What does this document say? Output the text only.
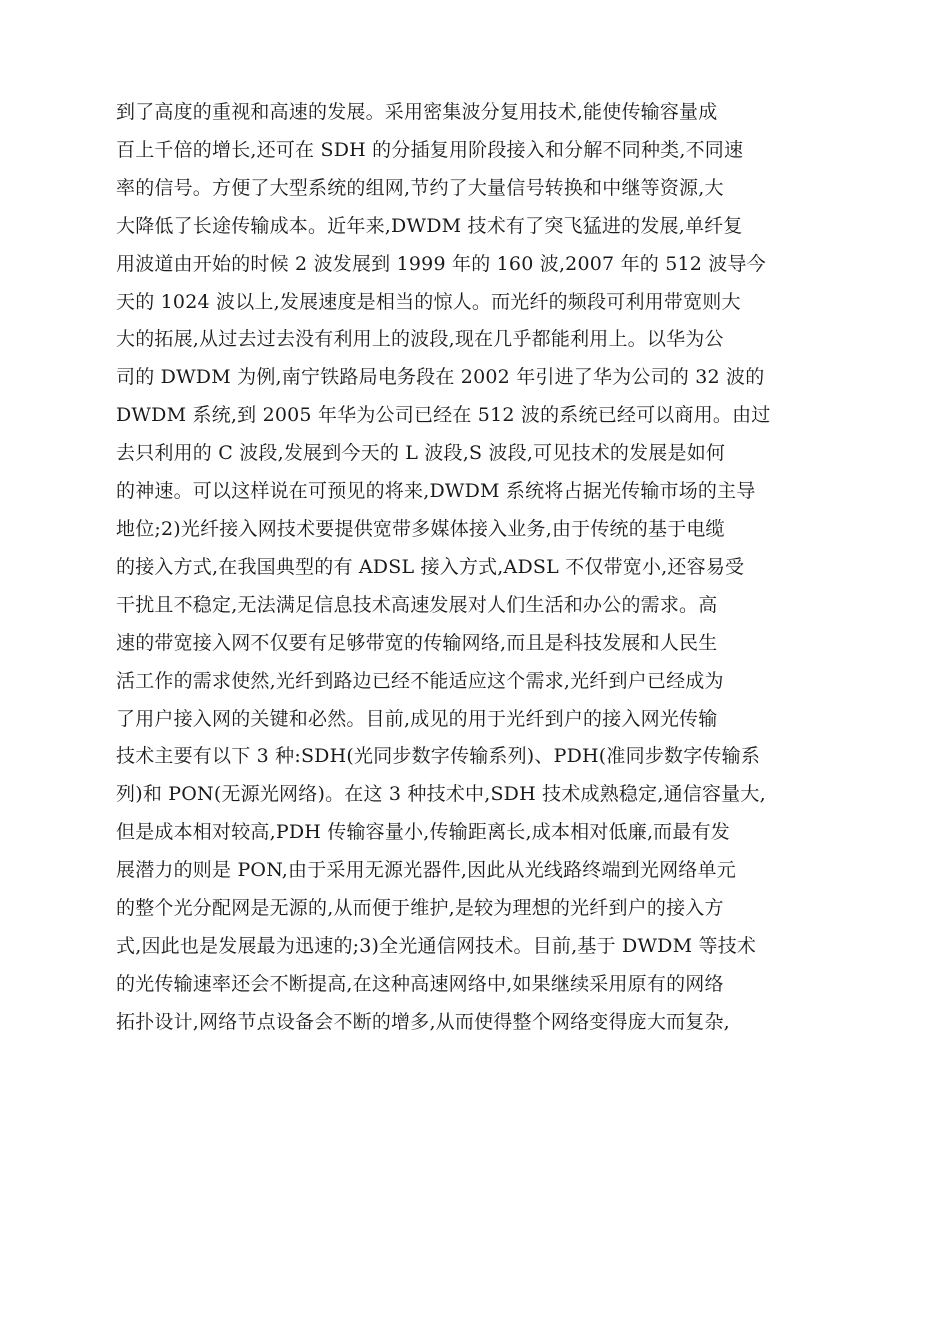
到了高度的重视和高速的发展。采用密集波分复用技术,能使传输容量成
百上千倍的增长,还可在 SDH 的分插复用阶段接入和分解不同种类,不同速
率的信号。方便了大型系统的组网,节约了大量信号转换和中继等资源,大
大降低了长途传输成本。近年来,DWDM 技术有了突飞猛进的发展,单纤复
用波道由开始的时候 2 波发展到 1999 年的 160 波,2007 年的 512 波导今
天的 1024 波以上,发展速度是相当的惊人。而光纤的频段可利用带宽则大
大的拓展,从过去过去没有利用上的波段,现在几乎都能利用上。以华为公
司的 DWDM 为例,南宁铁路局电务段在 2002 年引进了华为公司的 32 波的
DWDM 系统,到 2005 年华为公司已经在 512 波的系统已经可以商用。由过
去只利用的 C 波段,发展到今天的 L 波段,S 波段,可见技术的发展是如何
的神速。可以这样说在可预见的将来,DWDM 系统将占据光传输市场的主导
地位;2)光纤接入网技术要提供宽带多媒体接入业务,由于传统的基于电缆
的接入方式,在我国典型的有 ADSL 接入方式,ADSL 不仅带宽小,还容易受
干扰且不稳定,无法满足信息技术高速发展对人们生活和办公的需求。高
速的带宽接入网不仅要有足够带宽的传输网络,而且是科技发展和人民生
活工作的需求使然,光纤到路边已经不能适应这个需求,光纤到户已经成为
了用户接入网的关键和必然。目前,成见的用于光纤到户的接入网光传输
技术主要有以下 3 种:SDH(光同步数字传输系列)、PDH(准同步数字传输系
列)和 PON(无源光网络)。在这 3 种技术中,SDH 技术成熟稳定,通信容量大,
但是成本相对较高,PDH 传输容量小,传输距离长,成本相对低廉,而最有发
展潜力的则是 PON,由于采用无源光器件,因此从光线路终端到光网络单元
的整个光分配网是无源的,从而便于维护,是较为理想的光纤到户的接入方
式,因此也是发展最为迅速的;3)全光通信网技术。目前,基于 DWDM 等技术
的光传输速率还会不断提高,在这种高速网络中,如果继续采用原有的网络
拓扑设计,网络节点设备会不断的增多,从而使得整个网络变得庞大而复杂,
